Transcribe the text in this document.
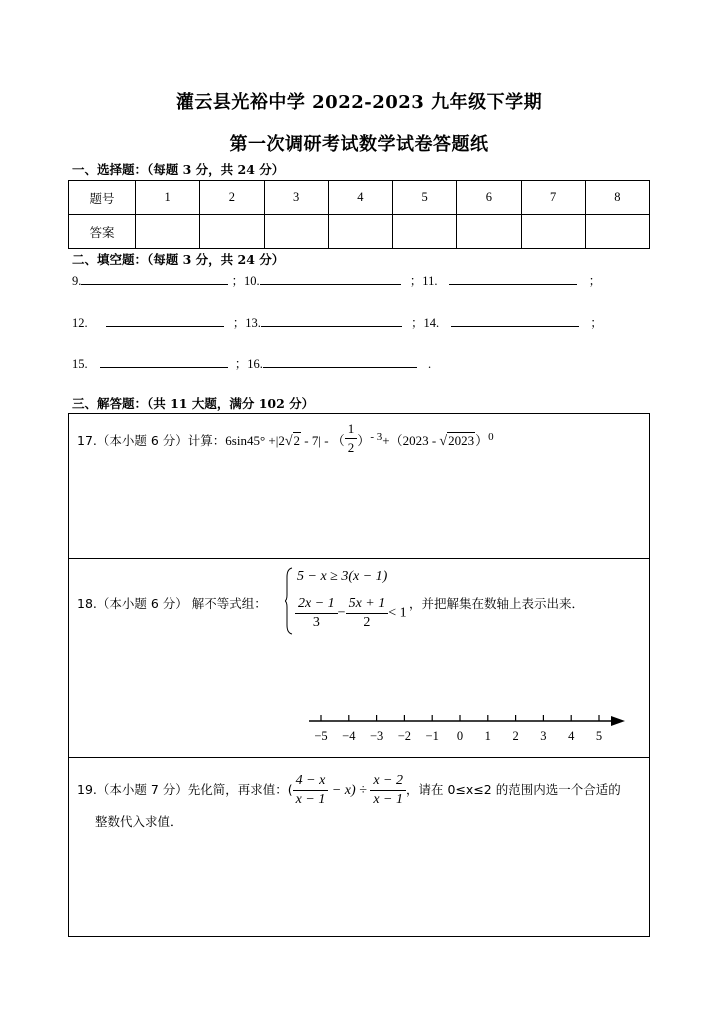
灌云县光裕中学 2022-2023 九年级下学期
第一次调研考试数学试卷答题纸
一、选择题：（每题 3 分，共 24 分）
题号	1	2	3	4	5	6	7	8
答案								
二、填空题：（每题 3 分，共 24 分）
9.	；10.	；11.	；
12.	；13.	；14.	；
15.	；16.	.
三、解答题：（共 11 大题，满分 102 分）
17.（本小题 6 分）计算：6sin45° +|2√2 - 7| - （ $\frac{1}{2} )^{- 3}+(2023 - √2023)^0$
18.（本小题 6 分） 解不等式组：
5 − x ≥ 3(x − 1)
$\frac{2x - 1}{3} - \frac{5x + 1}{2} < 1$
，并把解集在数轴上表示出来．
−5 −4 −3 −2 −1 0 1 2 3 4 5
19.（本小题 7 分）先化简，再求值：( $\frac{4 - x}{x - 1} - x) \div \frac{x - 2}{x - 1}$ ，请在 0≤x≤2 的范围内选一个合适的
整数代入求值．
